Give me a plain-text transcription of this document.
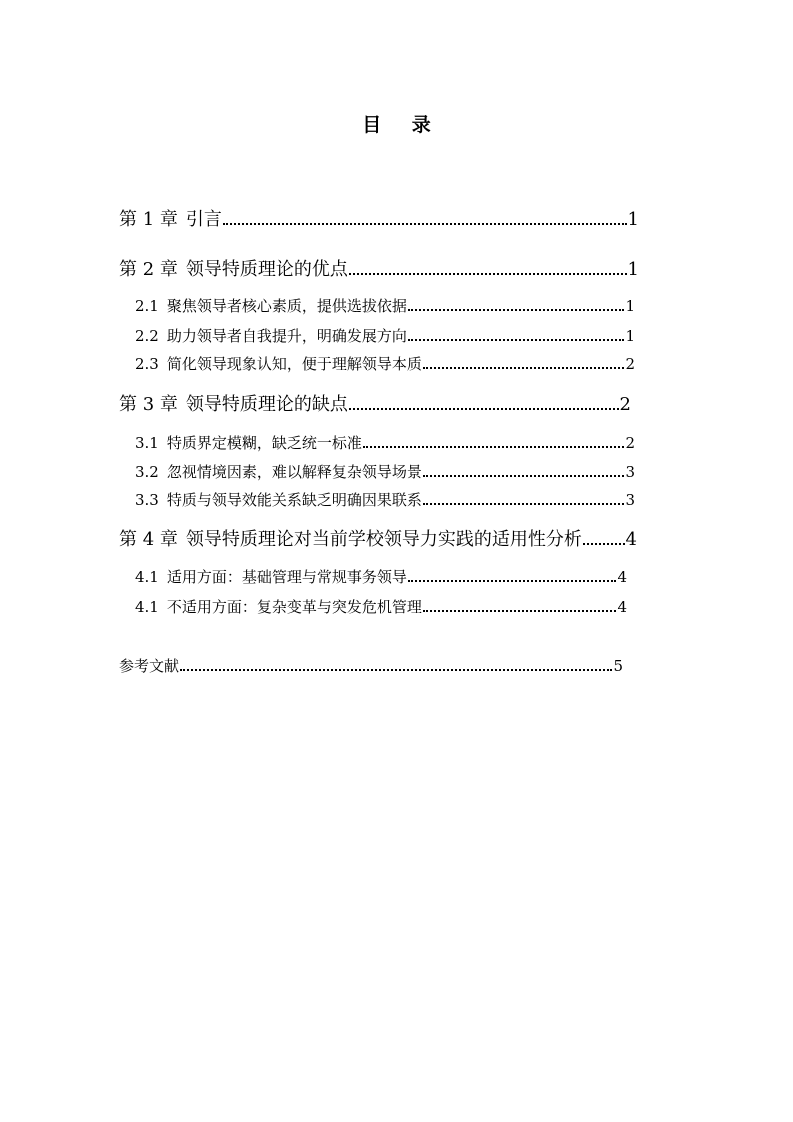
目 录
第 1 章 引言	1
第 2 章 领导特质理论的优点	1
2.1 聚焦领导者核心素质，提供选拔依据	1
2.2 助力领导者自我提升，明确发展方向	1
2.3 简化领导现象认知，便于理解领导本质	2
第 3 章 领导特质理论的缺点	2
3.1 特质界定模糊，缺乏统一标准	2
3.2 忽视情境因素，难以解释复杂领导场景	3
3.3 特质与领导效能关系缺乏明确因果联系	3
第 4 章 领导特质理论对当前学校领导力实践的适用性分析 4
4.1 适用方面：基础管理与常规事务领导	4
4.1 不适用方面：复杂变革与突发危机管理	4
参考文献	5
